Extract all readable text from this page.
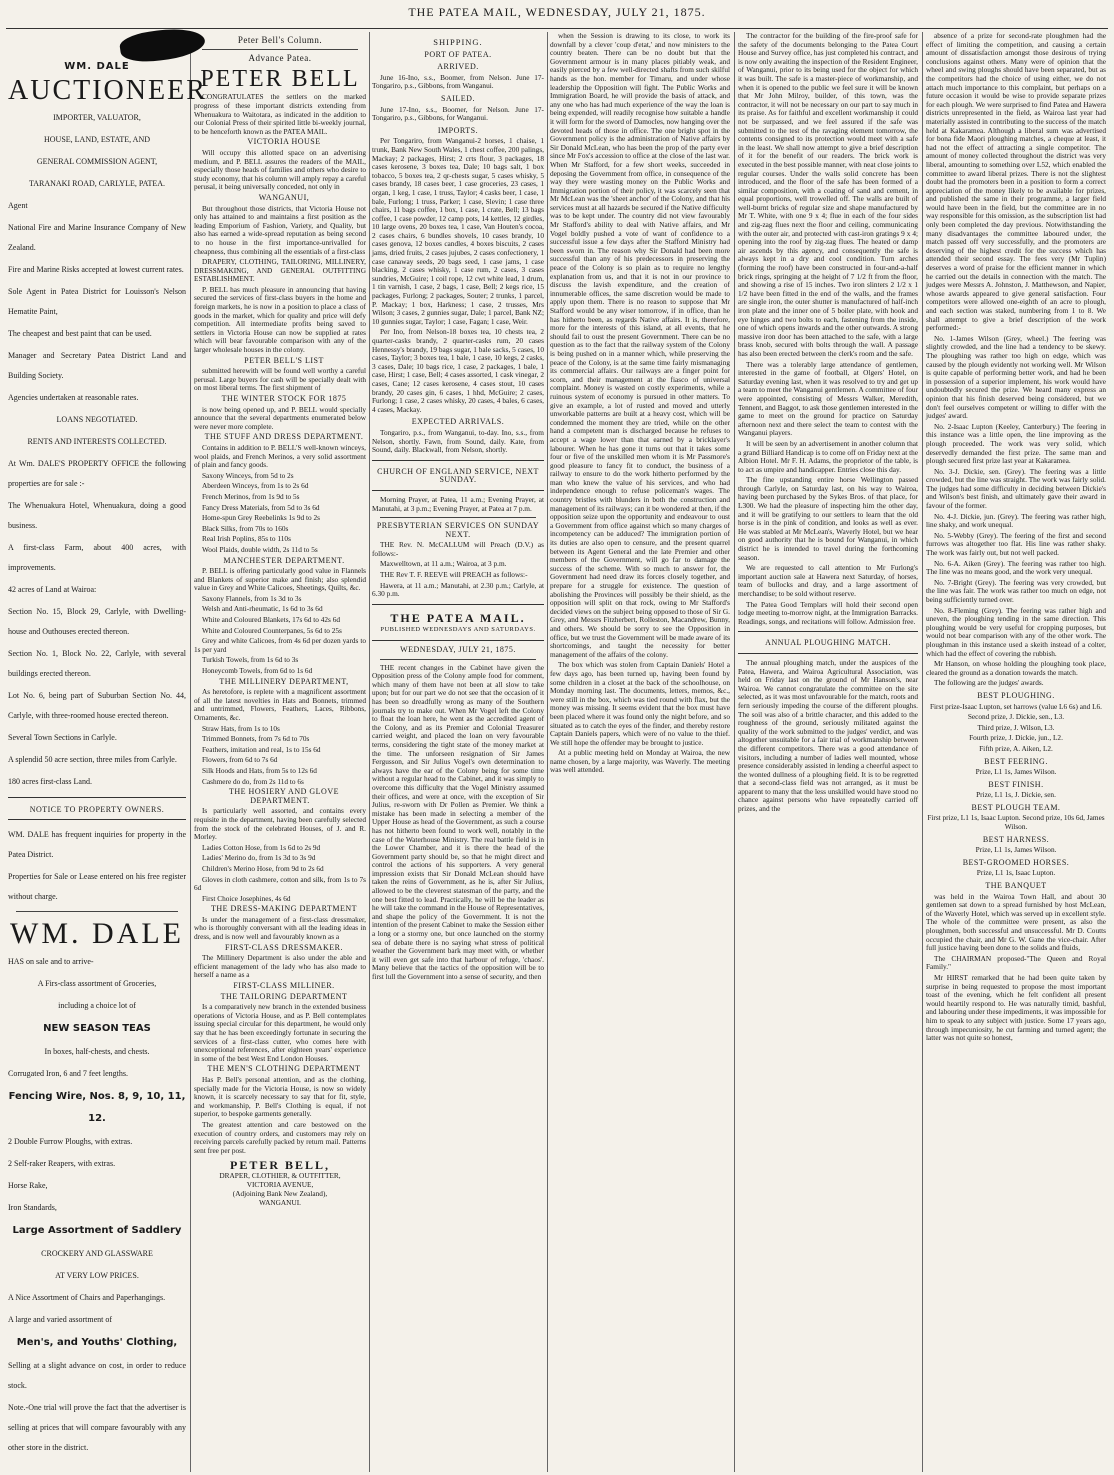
THE PATEA MAIL, WEDNESDAY, JULY 21, 1875.
WM. DALE
AUCTIONEER

IMPORTER, VALUATOR,

HOUSE, LAND, ESTATE, AND

GENERAL COMMISSION AGENT,

TARANAKI ROAD, CARLYLE, PATEA.

Agent

National Fire and Marine Insurance Company of New Zealand.

Fire and Marine Risks accepted at lowest current rates.

Sole Agent in Patea District for Louisson's Nelson Hematite Paint,

The cheapest and best paint that can be used.

Manager and Secretary Patea District Land and Building Society.

Agencies undertaken at reasonable rates.

LOANS NEGOTIATED.

RENTS AND INTERESTS COLLECTED.

At Wm. DALE'S PROPERTY OFFICE the following properties are for sale :-

The Whenuakura Hotel, Whenuakura, doing a good business.

A first-class Farm, about 400 acres, with improvements.

42 acres of Land at Wairoa:

Section No. 15, Block 29, Carlyle, with Dwelling-house and Outhouses erected thereon.

Section No. 1, Block No. 22, Carlyle, with several buildings erected thereon.

Lot No. 6, being part of Suburban Section No. 44, Carlyle, with three-roomed house erected thereon.

Several Town Sections in Carlyle.

A splendid 50 acre section, three miles from Carlyle.

180 acres first-class Land.

NOTICE TO PROPERTY OWNERS.

WM. DALE has frequent inquiries for property in the Patea District.

Properties for Sale or Lease entered on his free register without charge.

WM. DALE

HAS on sale and to arrive-

A Firs-class assortment of Groceries,

including a choice lot of

NEW SEASON TEAS

In boxes, half-chests, and chests.

Corrugated Iron, 6 and 7 feet lengths.

Fencing Wire, Nos. 8, 9, 10, 11, 12.

2 Double Furrow Ploughs, with extras.

2 Self-raker Reapers, with extras.

Horse Rake,

Iron Standards,

Large Assortment of Saddlery

CROCKERY AND GLASSWARE

AT VERY LOW PRICES.

A Nice Assortment of Chairs and Paperhangings.

A large and varied assortment of

Men's, and Youths' Clothing,

Selling at a slight advance on cost, in order to reduce stock.

Note.-One trial will prove the fact that the advertiser is selling at prices that will compare favourably with any other store in the district.

Peter Bell's Column.
Advance Patea.
PETER BELL

CONGRATULATES the settlers on the marked progress of these important districts extending from Whenuakura to Waitotara, as indicated in the addition to our Colonial Press of their spirited little bi-weekly journal, to be henceforth known as the PATEA MAIL.

VICTORIA HOUSE

Will occupy this allotted space on an advertising medium, and P. BELL assures the readers of the MAIL, especially those heads of families and others who desire to study economy, that his column will amply repay a careful perusal, it being universally conceded, not only in

WANGANUI,

But throughout those districts, that Victoria House not only has attained to and maintains a first position as the leading Emporium of Fashion, Variety, and Quality, but also has earned a wide-spread reputation as being second to no house in the first importance-unrivalled for cheapness, thus combining all the essentials of a first-class

DRAPERY, CLOTHING, TAILORING, MILLINERY, DRESSMAKING, AND GENERAL OUTFITTING ESTABLISHMENT.

P. BELL has much pleasure in announcing that having secured the services of first-class buyers in the home and foreign markets, he is now in a position to place a class of goods in the market, which for quality and price will defy competition. All intermediate profits being saved to settlers in Victoria House can now be supplied at rates which will bear favourable comparison with any of the larger wholesale houses in the colony.

PETER BELL'S LIST

submitted herewith will be found well worthy a careful perusal. Large buyers for cash will be specially dealt with on most liberal terms. The first shipment of

THE WINTER STOCK FOR 1875

is now being opened up, and P. BELL would specially announce that the several departments enumerated below were never more complete.

THE STUFF AND DRESS DEPARTMENT.

Contains in addition to P. BELL'S well-known winceys, wool plaids, and French Merinos, a very solid assortment of plain and fancy goods.

Saxony Winceys, from 5d to 2s

Aberdeen Winceys, from 1s to 2s 6d

French Merinos, from 1s 9d to 5s

Fancy Dress Materials, from 5d to 3s 6d

Home-spun Grey Reebelinks 1s 9d to 2s

Black Silks, from 70s to 160s

Real Irish Poplins, 85s to 110s

Wool Plaids, double width, 2s 11d to 5s

MANCHESTER DEPARTMENT.

P. BELL is offering particularly good value in Flannels and Blankets of superior make and finish; also splendid value in Grey and White Calicoes, Sheetings, Quilts, &c.

Saxony Flannels, from 1s 3d to 3s

Welsh and Anti-rheumatic, 1s 6d to 3s 6d

White and Coloured Blankets, 17s 6d to 42s 6d

White and Coloured Counterpanes, 5s 6d to 25s

Grey and white Calicoes, from 4s 6d per dozen yards to 1s per yard

Turkish Towels, from 1s 6d to 3s

Honeycomb Towels, from 6d to 1s 6d

THE MILLINERY DEPARTMENT,

As heretofore, is replete with a magnificent assortment of all the latest novelties in Hats and Bonnets, trimmed and untrimmed, Flowers, Feathers, Laces, Ribbons, Ornaments, &c.

Straw Hats, from 1s to 10s

Trimmed Bonnets, from 7s 6d to 70s

Feathers, imitation and real, 1s to 15s 6d

Flowers, from 6d to 7s 6d

Silk Hoods and Hats, from 5s to 12s 6d

Cashmere do do, from 2s 11d to 6s

THE HOSIERY AND GLOVE DEPARTMENT.

Is particularly well assorted, and contains every requisite in the department, having been carefully selected from the stock of the celebrated Houses, of J. and R. Morley.

Ladies Cotton Hose, from 1s 6d to 2s 9d

Ladies' Merino do, from 1s 3d to 3s 9d

Children's Merino Hose, from 9d to 2s 6d

Gloves in cloth cashmere, cotton and silk, from 1s to 7s 6d

First Choice Josephines, 4s 6d

THE DRESS-MAKING DEPARTMENT

Is under the management of a first-class dressmaker, who is thoroughly conversant with all the leading ideas in dress, and is now well and favourably known as a

FIRST-CLASS DRESSMAKER.

The Millinery Department is also under the able and efficient management of the lady who has also made to herself a name as a

FIRST-CLASS MILLINER.

THE TAILORING DEPARTMENT

Is a comparatively new branch in the extended business operations of Victoria House, and as P. Bell contemplates issuing special circular for this department, he would only say that he has been exceedingly fortunate in securing the services of a first-class cutter, who comes here with unexceptional references, after eighteen years' experience in some of the best West End London Houses.

THE MEN'S CLOTHING DEPARTMENT

Has P. Bell's personal attention, and as the clothing, specially made for the Victoria House, is now so widely known, it is scarcely necessary to say that for fit, style, and workmanship, P. Bell's Clothing is equal, if not superior, to bespoke garments generally.

The greatest attention and care bestowed on the execution of country orders, and customers may rely on receiving parcels carefully packed by return mail. Patterns sent free per post.

PETER BELL,
DRAPER, CLOTHIER, & OUTFITTER,
VICTORIA AVENUE,
(Adjoining Bank New Zealand),
WANGANUI.
SHIPPING.
PORT OF PATEA.
ARRIVED.

June 16-Ino, s.s., Boomer, from Nelson. June 17-Tongariro, p.s., Gibbons, from Wanganui.

SAILED.

June 17-Ino, s.s., Boomer, for Nelson. June 17-Tongariro, p.s., Gibbons, for Wanganui.

IMPORTS.

Per Tongariro, from Wanganui-2 horses, 1 chaise, 1 trunk, Bank New South Wales, 1 chest coffee, 200 palings, Mackay; 2 packages, Hirst; 2 crts flour, 3 packages, 18 cases kerosene, 3 boxes tea, Dale; 10 bags salt, 1 box tobacco, 5 boxes tea, 2 qr-chests sugar, 5 cases whisky, 5 cases brandy, 18 cases beer, 1 case groceries, 23 cases, 1 organ, 1 keg, 1 case, 1 truss, Taylor; 4 casks beer, 1 case, 1 bale, Furlong; 1 truss, Parker; 1 case, Slevin; 1 case three chairs, 11 bags coffee, 1 box, 1 case, 1 crate, Bell; 13 bags coffee, 1 case powder, 12 camp pots, 14 kettles, 12 girdles, 10 large ovens, 20 boxes tea, 1 case, Van Houten's cocoa, 2 cases chairs, 6 bundles shovels, 10 cases brandy, 10 cases genova, 12 boxes candles, 4 boxes biscuits, 2 cases jams, dried fruits, 2 cases jujubes, 2 cases confectionery, 1 case canaway seeds, 20 bags seed, 1 case jams, 1 case blacking, 2 cases whisky, 1 case rum, 2 cases, 3 cases sundries, McGuire; 1 coil rope, 12 cwt white lead, 1 drum, 1 tin varnish, 1 case, 2 bags, 1 case, Bell; 2 kegs rice, 15 packages, Furlong; 2 packages, Souter; 2 trunks, 1 parcel, P. Mackay; 1 box, Harkness; 1 case, 2 trusses, Mrs Wilson; 3 cases, 2 gunnies sugar, Dale; 1 parcel, Bank NZ; 10 gunnies sugar, Taylor; 1 case, Fagan; 1 case, Weir.

Per Ino, from Nelson-18 boxes tea, 10 chests tea, 2 quarter-casks brandy, 2 quarter-casks rum, 20 cases Hennessy's brandy, 19 bags sugar, 1 bale sacks, 5 cases, 10 cases, Taylor; 3 boxes tea, 1 bale, 1 case, 10 kegs, 2 casks, 3 cases, Dale; 10 bags rice, 1 case, 2 packages, 1 bale, 1 case, Hirst; 1 case, Bell; 4 cases assorted, 1 cask vinegar, 2 cases, Cane; 12 cases kerosene, 4 cases stout, 10 cases brandy, 20 cases gin, 6 cases, 1 hhd, McGuire; 2 cases, Furlong; 1 case, 2 cases whisky, 20 cases, 4 bales, 6 cases, 4 cases, Mackay.

EXPECTED ARRIVALS.

Tongariro, p.s., from Wanganui, to-day. Ino, s.s., from Nelson, shortly. Fawn, from Sound, daily. Kate, from Sound, daily. Blackwall, from Nelson, shortly.

CHURCH OF ENGLAND SERVICE, NEXT SUNDAY.

Morning Prayer, at Patea, 11 a.m.; Evening Prayer, at Manutahi, at 3 p.m.; Evening Prayer, at Patea at 7 p.m.

PRESBYTERIAN SERVICES ON SUNDAY NEXT.

THE Rev. N. McCALLUM will Preach (D.V.) as follows:-

Maxwelltown, at 11 a.m.; Wairoa, at 3 p.m.

THE Rev T. F. REEVE will PREACH as follows:-

Hawera, at 11 a.m.; Manutahi, at 2.30 p.m.; Carlyle, at 6.30 p.m.

THE PATEA MAIL.
PUBLISHED WEDNESDAYS AND SATURDAYS.
WEDNESDAY, JULY 21, 1875.

THE recent changes in the Cabinet have given the Opposition press of the Colony ample food for comment, which many of them have not been at all slow to take upon; but for our part we do not see that the occasion of it has been so dreadfully wrong as many of the Southern journals try to make out. When Mr Vogel left the Colony to float the loan here, he went as the accredited agent of the Colony, and as its Premier and Colonial Treasurer carried weight, and placed the loan on very favourable terms, considering the tight state of the money market at the time. The unforseen resignation of Sir James Fergusson, and Sir Julius Vogel's own determination to always have the ear of the Colony being for some time without a regular head to the Cabinet, and it was simply to overcome this difficulty that the Vogel Ministry assumed their offices, and were at once, with the exception of Sir Julius, re-sworn with Dr Pollen as Premier. We think a mistake has been made in selecting a member of the Upper House as head of the Government, as such a course has not hitherto been found to work well, notably in the case of the Waterhouse Ministry. The real battle field is in the Lower Chamber, and it is there the head of the Government party should be, so that he might direct and control the actions of his supporters. A very general impression exists that Sir Donald McLean should have taken the reins of Government, as he is, after Sir Julius, allowed to be the cleverest statesman of the party, and the one best fitted to lead. Practically, he will be the leader as he will take the command in the House of Representatives, and shape the policy of the Government. It is not the intention of the present Cabinet to make the Session either a long or a stormy one, but once launched on the stormy sea of debate there is no saying what stress of political weather the Government bark may meet with, or whether it will even get safe into that harbour of refuge, 'chaos'. Many believe that the tactics of the opposition will be to first lull the Government into a sense of security, and then

when the Session is drawing to its close, to work its downfall by a clever 'coup d'etat,' and now ministers to the country beaten. There can be no doubt but that the Government armour is in many places pitiably weak, and easily pierced by a few well-directed shafts from such skilful hands as the hon. member for Timaru, and under whose leadership the Opposition will fight. The Public Works and Immigration Board, he will provide the basis of attack, and any one who has had much experience of the way the loan is being expended, will readily recognise how suitable a handle it will form for the sword of Damocles, now hanging over the devoted heads of those in office. The one bright spot in the Government policy is the administration of Native affairs by Sir Donald McLean, who has been the prop of the party ever since Mr Fox's accession to office at the close of the last war. When Mr Stafford, for a few short weeks, succeeded in deposing the Government from office, in consequence of the way they were wasting money on the Public Works and Immigration portion of their policy, it was scarcely seen that Mr McLean was the 'sheet anchor' of the Colony, and that his services must at all hazards be secured if the Native difficulty was to be kept under. The country did not view favourably Mr Stafford's ability to deal with Native affairs, and Mr Vogel boldly pushed a vote of want of confidence to a successful issue a few days after the Stafford Ministry had been sworn in. The reason why Sir Donald had been more successful than any of his predecessors in preserving the peace of the Colony is so plain as to require no lengthy explanation from us, and that it is not in our province to discuss the lavish expenditure, and the creation of innumerable offices, the same discretion would be made to apply upon them. There is no reason to suppose that Mr Stafford would be any wiser tomorrow, if in office, than he has hitherto been, as regards Native affairs. It is, therefore, more for the interests of this island, at all events, that he should fail to oust the present Government. There can be no question as to the fact that the railway system of the Colony is being pushed on in a manner which, while preserving the peace of the Colony, is at the same time fairly mismanaging its commercial affairs. Our railways are a finger point for scorn, and their management at the fiasco of universal complaint. Money is wasted on costly experiments, while a ruinous system of economy is pursued in other matters. To give an example, a lot of rusted and moved and utterly unworkable patterns are built at a heavy cost, which will be condemned the moment they are tried, while on the other hand a competent man is discharged because he refuses to accept a wage lower than that earned by a bricklayer's labourer. When he has gone it turns out that it takes some four or five of the unskilled men whom it is Mr Passmore's good pleasure to fancy fit to conduct, the business of a railway to ensure to do the work hitherto performed by the man who knew the value of his services, and who had independence enough to refuse policeman's wages. The country bristles with blunders in both the construction and management of its railways; can it be wondered at then, if the opposition seize upon the opportunity and endeavour to oust a Government from office against which so many charges of incompetency can be adduced? The immigration portion of its duties are also open to censure, and the present quarrel between its Agent General and the late Premier and other members of the Government, will go far to damage the success of the scheme. With so much to answer for, the Government had need draw its forces closely together, and prepare for a struggle for existence. The question of abolishing the Provinces will possibly be their shield, as the opposition will split on that rock, owing to Mr Stafford's decided views on the subject being opposed to those of Sir G. Grey, and Messrs Fitzherbert, Rolleston, Macandrew, Bunny, and others. We should be sorry to see the Opposition in office, but we trust the Government will be made aware of its shortcomings, and taught the necessity for better management of the affairs of the colony.

The box which was stolen from Captain Daniels' Hotel a few days ago, has been turned up, having been found by some children in a closet at the back of the schoolhouse, on Monday morning last. The documents, letters, memos, &c., were still in the box, which was tied round with flax, but the money was missing. It seems evident that the box must have been placed where it was found only the night before, and so situated as to catch the eyes of the finder, and thereby restore Captain Daniels papers, which were of no value to the thief. We still hope the offender may be brought to justice.

At a public meeting held on Monday at Wairoa, the new name chosen, by a large majority, was Waverly. The meeting was well attended.

The contractor for the building of the fire-proof safe for the safety of the documents belonging to the Patea Court House and Survey office, has just completed his contract, and is now only awaiting the inspection of the Resident Engineer, of Wanganui, prior to its being used for the object for which it was built. The safe is a master-piece of workmanship, and when it is opened to the public we feel sure it will be known that Mr John Milroy, builder, of this town, was the contractor, it will not be necessary on our part to say much in its praise. As for faithful and excellent workmanship it could not be surpassed, and we feel assured if the safe was submitted to the test of the ravaging element tomorrow, the contents consigned to its protection would meet with a safe in the least. We shall now attempt to give a brief description of it for the benefit of our readers. The brick work is executed in the best possible manner, with neat close joints to regular courses. Under the walls solid concrete has been introduced, and the floor of the safe has been formed of a similar composition, with a coating of sand and cement, in equal proportions, well trowelled off. The walls are built of well-burnt bricks of regular size and shape manufactured by Mr T. White, with one 9 x 4; flue in each of the four sides and zig-zag flues next the floor and ceiling, communicating with the outer air, and protected with cast-iron gratings 9 x 4; opening into the roof by zig-zag flues. The heated or damp air ascends by this agency, and consequently the safe is always kept in a dry and cool condition. Turn arches (forming the roof) have been constructed in four-and-a-half brick rings, springing at the height of 7 1/2 ft from the floor, and showing a rise of 15 inches. Two iron slinters 2 1/2 x 1 1/2 have been fitted in the end of the walls, and the frames are single iron, the outer shutter is manufactured of half-inch iron plate and the inner one of 5 boiler plate, with hook and eye hinges and two bolts to each, fastening from the inside, one of which opens inwards and the other outwards. A strong massive iron door has been attached to the safe, with a large brass knob, secured with bolts through the wall. A passage has also been erected between the clerk's room and the safe.

There was a tolerably large attendance of gentlemen, interested in the game of football, at Olgers' Hotel, on Saturday evening last, when it was resolved to try and get up a team to meet the Wanganui gentlemen. A committee of four were appointed, consisting of Messrs Walker, Meredith, Tennent, and Baggot, to ask those gentlemen interested in the game to meet on the ground for practice on Saturday afternoon next and there select the team to contest with the Wanganui players.

It will be seen by an advertisement in another column that a grand Billiard Handicap is to come off on Friday next at the Albion Hotel. Mr F. H. Adams, the proprietor of the table, is to act as umpire and handicapper. Entries close this day.

The fine upstanding entire horse Wellington passed through Carlyle, on Saturday last, on his way to Wairoa, having been purchased by the Sykes Bros. of that place, for L300. We had the pleasure of inspecting him the other day, and it will be gratifying to our settlers to learn that the old horse is in the pink of condition, and looks as well as ever. He was stabled at Mr McLean's, Waverly Hotel, but we hear on good authority that he is bound for Wanganui, in which district he is intended to travel during the forthcoming season.

We are requested to call attention to Mr Furlong's important auction sale at Hawera next Saturday, of horses, team of bullocks and dray, and a large assortment of merchandise; to be sold without reserve.

The Patea Good Templars will hold their second open lodge meeting to-morrow night, at the Immigration Barracks. Readings, songs, and recitations will follow. Admission free.

ANNUAL PLOUGHING MATCH.

The annual ploughing match, under the auspices of the Patea, Hawera, and Wairoa Agricultural Association, was held on Friday last on the ground of Mr Hanson's, near Wairoa. We cannot congratulate the committee on the site selected, as it was most unfavourable for the match, roots and fern seriously impeding the course of the different ploughs. The soil was also of a brittle character, and this added to the roughness of the ground, seriously militated against the quality of the work submitted to the judges' verdict, and was altogether unsuitable for a fair trial of workmanship between the different competitors. There was a good attendance of visitors, including a number of ladies well mounted, whose presence considerably assisted in lending a cheerful aspect to the wonted dullness of a ploughing field. It is to be regretted that a second-class field was not arranged, as it must be apparent to many that the less unskilled would have stood no chance against persons who have repeatedly carried off prizes, and the

absence of a prize for second-rate ploughmen had the effect of limiting the competition, and causing a certain amount of dissatisfaction amongst those desirous of trying conclusions against others. Many were of opinion that the wheel and swing ploughs should have been separated, but as the competitors had the choice of using either, we do not attach much importance to this complaint, but perhaps on a future occasion it would be wise to provide separate prizes for each plough. We were surprised to find Patea and Hawera districts unrepresented in the field, as Wairoa last year had materially assisted in contributing to the success of the match held at Kakaramea. Although a liberal sum was advertised for bona fide Maori ploughing matches, a cheque at least, it had not the effect of attracting a single competitor. The amount of money collected throughout the district was very liberal, amounting to something over L52, which enabled the committee to award liberal prizes. There is not the slightest doubt had the promoters been in a position to form a correct appreciation of the money likely to be available for prizes, and published the same in their programme, a larger field would have been in the field, but the committee are in no way responsible for this omission, as the subscription list had only been completed the day previous. Notwithstanding the many disadvantages the committee laboured under, the match passed off very successfully, and the promoters are deserving of the highest credit for the success which has attended their second essay. The fees very (Mr Tuplin) deserves a word of praise for the efficient manner in which he carried out the details in connection with the match. The judges were Messrs A. Johnston, J. Matthewson, and Napier, whose awards appeared to give general satisfaction. Four competitors were allowed one-eighth of an acre to plough, and each section was staked, numbering from 1 to 8. We shall attempt to give a brief description of the work performed:-

No. 1-James Wilson (Grey, wheel.) The feering was slightly crowded, and the line had a tendency to be skewy. The ploughing was rather too high on edge, which was caused by the plough evidently not working well. Mr Wilson is quite capable of performing better work, and had he been in possession of a superior implement, his work would have undoubtedly secured the prize. We heard many express an opinion that his finish deserved being considered, but we don't feel ourselves competent or willing to differ with the judges' award.

No. 2-Isaac Lupton (Keeley, Canterbury.) The feering in this instance was a little open, the line improving as the plough proceeded. The work was very solid, which deservedly demanded the first prize. The same man and plough secured first prize last year at Kakaramea.

No. 3-J. Dickie, sen. (Grey). The feering was a little crowded, but the line was straight. The work was fairly solid. The judges had some difficulty in deciding between Dickie's and Wilson's best finish, and ultimately gave their award in favour of the former.

No. 4-J. Dickie, jun. (Grey). The feering was rather high, line shaky, and work unequal.

No. 5-Webby (Grey). The feering of the first and second furrows was altogether too flat. His line was rather shaky. The work was fairly out, but not well packed.

No. 6-A. Aiken (Grey). The feering was rather too high. The line was no means good, and the work very unequal.

No. 7-Bright (Grey). The feering was very crowded, but the line was fair. The work was rather too much on edge, not being sufficiently turned over.

No. 8-Fleming (Grey). The feering was rather high and uneven, the ploughing tending in the same direction. This ploughing would be very useful for cropping purposes, but would not bear comparison with any of the other work. The ploughman in this instance used a skeith instead of a colter, which had the effect of covering the rubbish.

Mr Hanson, on whose holding the ploughing took place, cleared the ground as a donation towards the match.

The following are the judges' awards.

BEST PLOUGHING.

First prize-Isaac Lupton, set harrows (value L6 6s) and L6.

Second prize, J. Dickie, sen., L3.

Third prize, J. Wilson, L3.

Fourth prize, J. Dickie, jun., L2.

Fifth prize, A. Aiken, L2.

BEST FEERING.
Prize, L1 1s, James Wilson.
BEST FINISH.
Prize, L1 1s, J. Dickie, sen.
BEST PLOUGH TEAM.
First prize, L1 1s, Isaac Lupton. Second prize, 10s 6d, James Wilson.
BEST HARNESS.
Prize, L1 1s, James Wilson.
BEST-GROOMED HORSES.
Prize, L1 1s, Isaac Lupton.
THE BANQUET

was held in the Wairoa Town Hall, and about 30 gentlemen sat down to a spread furnished by host McLean, of the Waverly Hotel, which was served up in excellent style. The whole of the committee were present, as also the ploughmen, both successful and unsuccessful. Mr D. Coutts occupied the chair, and Mr G. W. Gane the vice-chair. After full justice having been done to the solids and fluids,

The CHAIRMAN proposed-"The Queen and Royal Family."

Mr HIRST remarked that he had been quite taken by surprise in being requested to propose the most important toast of the evening, which he felt confident all present would heartily respond to. He was naturally timid, bashful, and labouring under these impediments, it was impossible for him to speak to any subject with justice. Some 17 years ago, through impecuniosity, he cut farming and turned agent; the latter was not quite so honest,
